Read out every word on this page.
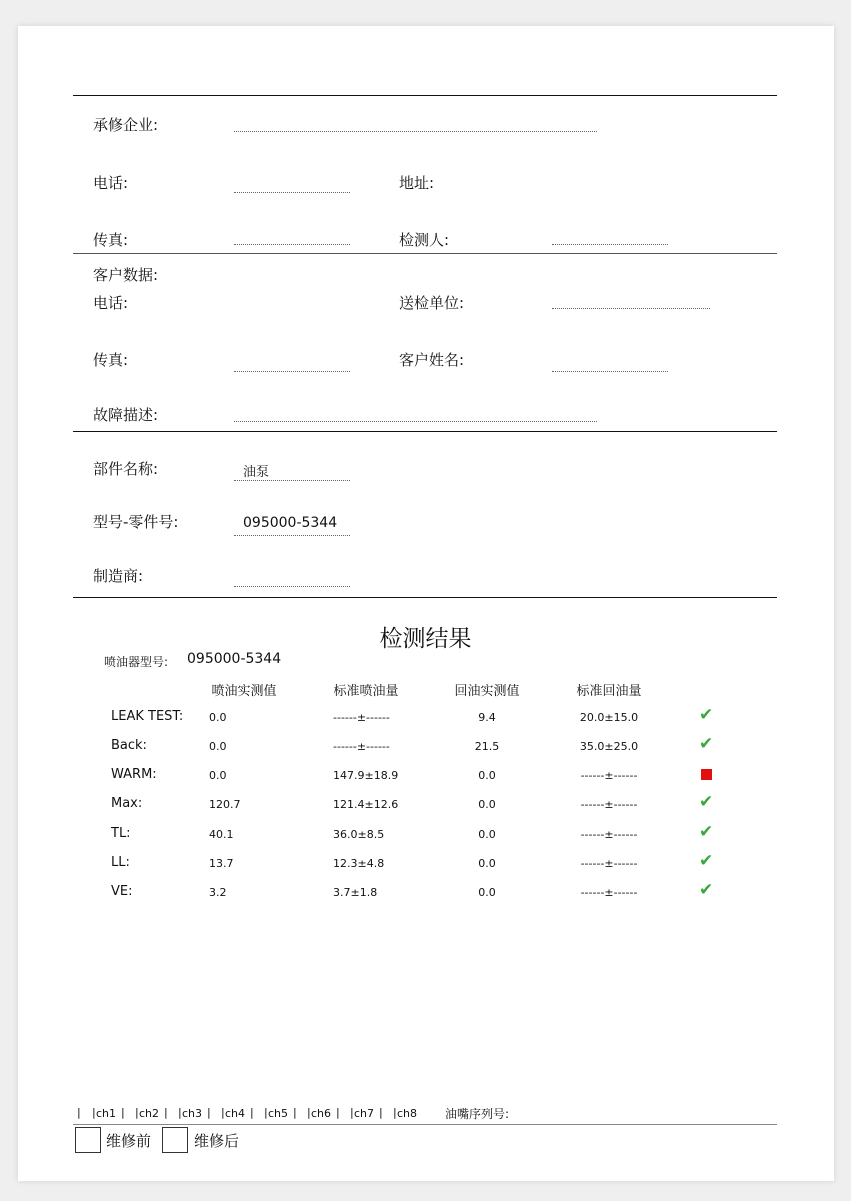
承修企业:
电话:	地址:
传真:	检测人:
客户数据:
电话:	送检单位:
传真:	客户姓名:
故障描述:
部件名称:	油泵
型号-零件号:	095000-5344
制造商:
检测结果
喷油器型号: 095000-5344
喷油实测值	标准喷油量	回油实测值	标准回油量
LEAK TEST: 0.0	------±------	9.4	20.0±15.0	✔
Back:	0.0	------±------	21.5	35.0±25.0	✔
WARM:	0.0	147.9±18.9	0.0	------±------
Max:	120.7	121.4±12.6	0.0	------±------	✔
TL:	40.1	36.0±8.5	0.0	------±------	✔
LL:	13.7	12.3±4.8	0.0	------±------	✔
VE:	3.2	3.7±1.8	0.0	------±------	✔
| | ch1 | | ch2 | | ch3 | | ch4 | | ch5 | | ch6 | | ch7 | | ch8 油嘴序列号:
维修前	维修后
